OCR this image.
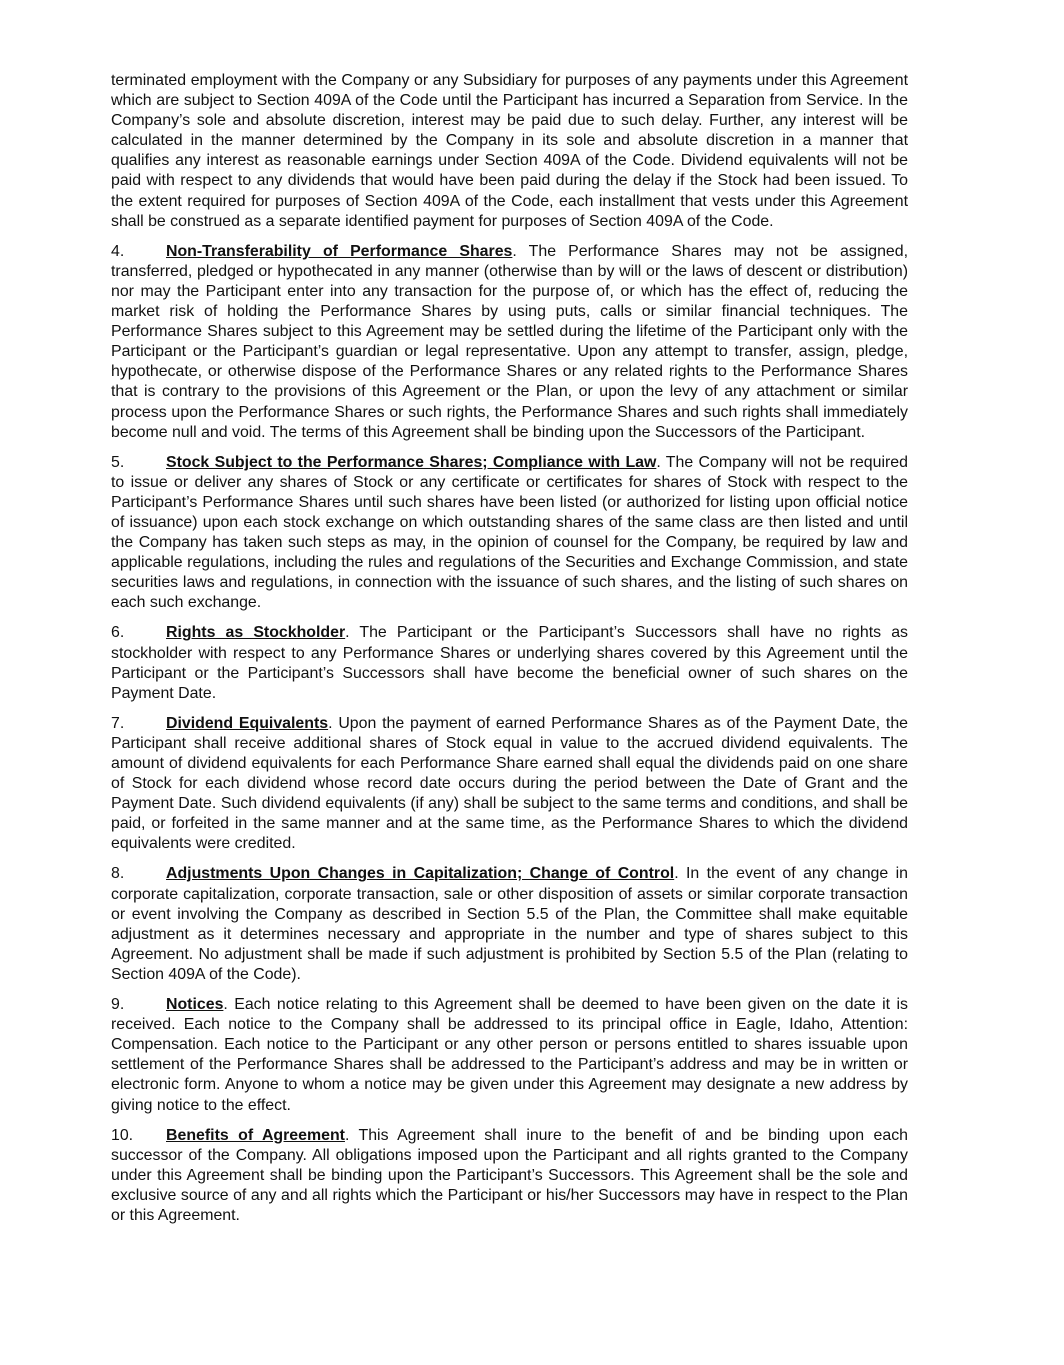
terminated employment with the Company or any Subsidiary for purposes of any payments under this Agreement which are subject to Section 409A of the Code until the Participant has incurred a Separation from Service. In the Company’s sole and absolute discretion, interest may be paid due to such delay. Further, any interest will be calculated in the manner determined by the Company in its sole and absolute discretion in a manner that qualifies any interest as reasonable earnings under Section 409A of the Code. Dividend equivalents will not be paid with respect to any dividends that would have been paid during the delay if the Stock had been issued. To the extent required for purposes of Section 409A of the Code, each installment that vests under this Agreement shall be construed as a separate identified payment for purposes of Section 409A of the Code.

4.	Non-Transferability of Performance Shares. The Performance Shares may not be assigned, transferred, pledged or hypothecated in any manner (otherwise than by will or the laws of descent or distribution) nor may the Participant enter into any transaction for the purpose of, or which has the effect of, reducing the market risk of holding the Performance Shares by using puts, calls or similar financial techniques. The Performance Shares subject to this Agreement may be settled during the lifetime of the Participant only with the Participant or the Participant’s guardian or legal representative. Upon any attempt to transfer, assign, pledge, hypothecate, or otherwise dispose of the Performance Shares or any related rights to the Performance Shares that is contrary to the provisions of this Agreement or the Plan, or upon the levy of any attachment or similar process upon the Performance Shares or such rights, the Performance Shares and such rights shall immediately become null and void. The terms of this Agreement shall be binding upon the Successors of the Participant.

5.	Stock Subject to the Performance Shares; Compliance with Law. The Company will not be required to issue or deliver any shares of Stock or any certificate or certificates for shares of Stock with respect to the Participant’s Performance Shares until such shares have been listed (or authorized for listing upon official notice of issuance) upon each stock exchange on which outstanding shares of the same class are then listed and until the Company has taken such steps as may, in the opinion of counsel for the Company, be required by law and applicable regulations, including the rules and regulations of the Securities and Exchange Commission, and state securities laws and regulations, in connection with the issuance of such shares, and the listing of such shares on each such exchange.

6.	Rights as Stockholder. The Participant or the Participant’s Successors shall have no rights as stockholder with respect to any Performance Shares or underlying shares covered by this Agreement until the Participant or the Participant’s Successors shall have become the beneficial owner of such shares on the Payment Date.

7.	Dividend Equivalents. Upon the payment of earned Performance Shares as of the Payment Date, the Participant shall receive additional shares of Stock equal in value to the accrued dividend equivalents. The amount of dividend equivalents for each Performance Share earned shall equal the dividends paid on one share of Stock for each dividend whose record date occurs during the period between the Date of Grant and the Payment Date. Such dividend equivalents (if any) shall be subject to the same terms and conditions, and shall be paid, or forfeited in the same manner and at the same time, as the Performance Shares to which the dividend equivalents were credited.

8.	Adjustments Upon Changes in Capitalization; Change of Control. In the event of any change in corporate capitalization, corporate transaction, sale or other disposition of assets or similar corporate transaction or event involving the Company as described in Section 5.5 of the Plan, the Committee shall make equitable adjustment as it determines necessary and appropriate in the number and type of shares subject to this Agreement. No adjustment shall be made if such adjustment is prohibited by Section 5.5 of the Plan (relating to Section 409A of the Code).

9.	Notices. Each notice relating to this Agreement shall be deemed to have been given on the date it is received. Each notice to the Company shall be addressed to its principal office in Eagle, Idaho, Attention: Compensation. Each notice to the Participant or any other person or persons entitled to shares issuable upon settlement of the Performance Shares shall be addressed to the Participant’s address and may be in written or electronic form. Anyone to whom a notice may be given under this Agreement may designate a new address by giving notice to the effect.

10. Benefits of Agreement. This Agreement shall inure to the benefit of and be binding upon each successor of the Company. All obligations imposed upon the Participant and all rights granted to the Company under this Agreement shall be binding upon the Participant’s Successors. This Agreement shall be the sole and exclusive source of any and all rights which the Participant or his/her Successors may have in respect to the Plan or this Agreement.
